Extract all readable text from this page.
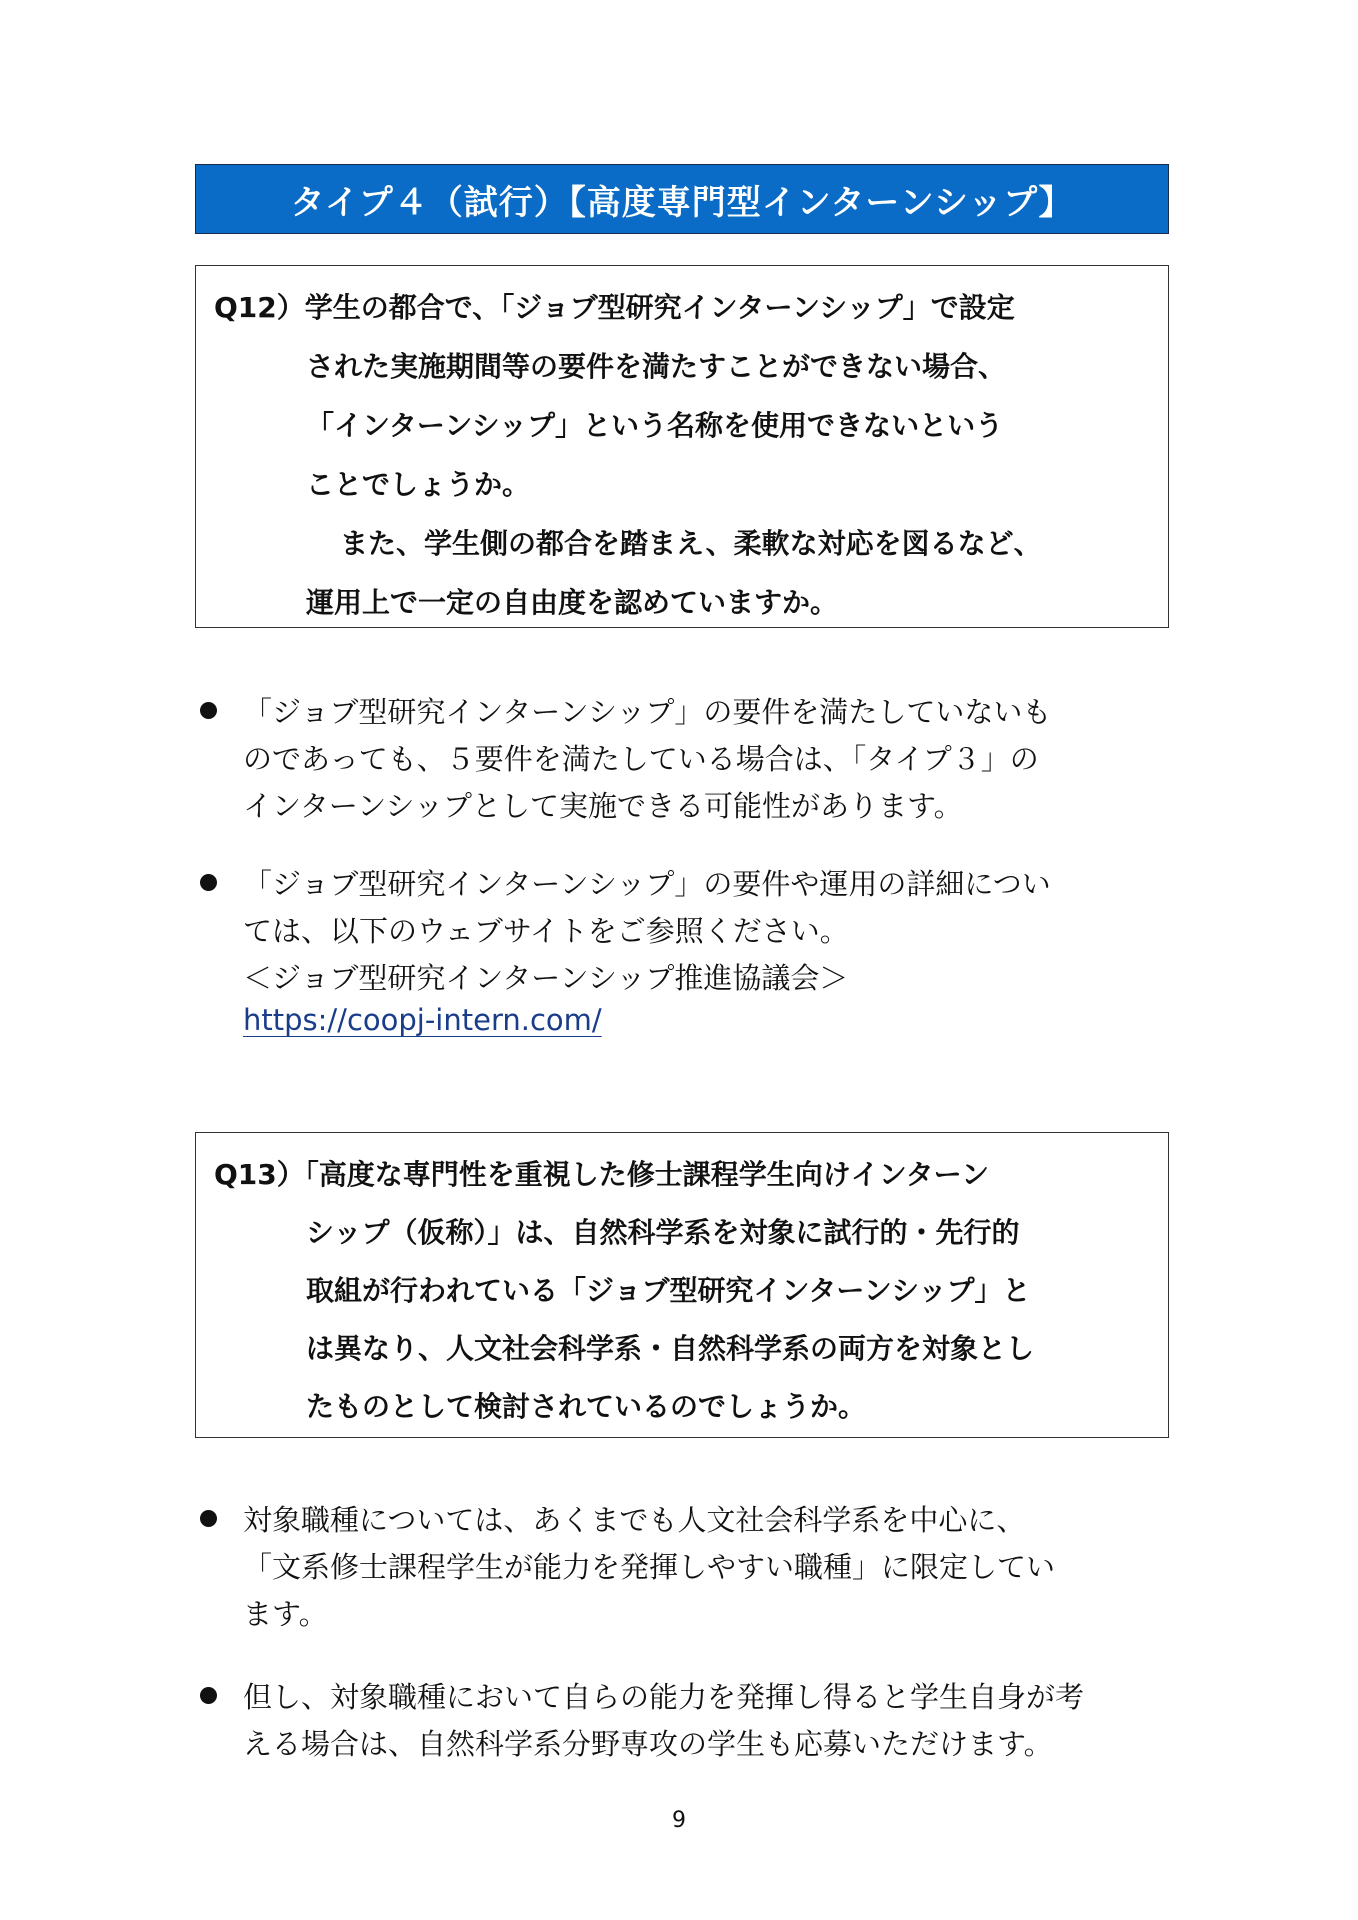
タイプ４（試行）【高度専門型インターンシップ】
Q12）学生の都合で、「ジョブ型研究インターンシップ」で設定
された実施期間等の要件を満たすことができない場合、
「インターンシップ」という名称を使用できないという
ことでしょうか。
また、学生側の都合を踏まえ、柔軟な対応を図るなど、
運用上で一定の自由度を認めていますか。
「ジョブ型研究インターンシップ」の要件を満たしていないも
のであっても、５要件を満たしている場合は、「タイプ３」の
インターンシップとして実施できる可能性があります。
「ジョブ型研究インターンシップ」の要件や運用の詳細につい
ては、以下のウェブサイトをご参照ください。
＜ジョブ型研究インターンシップ推進協議会＞
https://coopj-intern.com/
Q13）「高度な専門性を重視した修士課程学生向けインターン
シップ（仮称）」は、自然科学系を対象に試行的・先行的
取組が行われている「ジョブ型研究インターンシップ」と
は異なり、人文社会科学系・自然科学系の両方を対象とし
たものとして検討されているのでしょうか。
対象職種については、あくまでも人文社会科学系を中心に、
「文系修士課程学生が能力を発揮しやすい職種」に限定してい
ます。
但し、対象職種において自らの能力を発揮し得ると学生自身が考
える場合は、自然科学系分野専攻の学生も応募いただけます。
9
